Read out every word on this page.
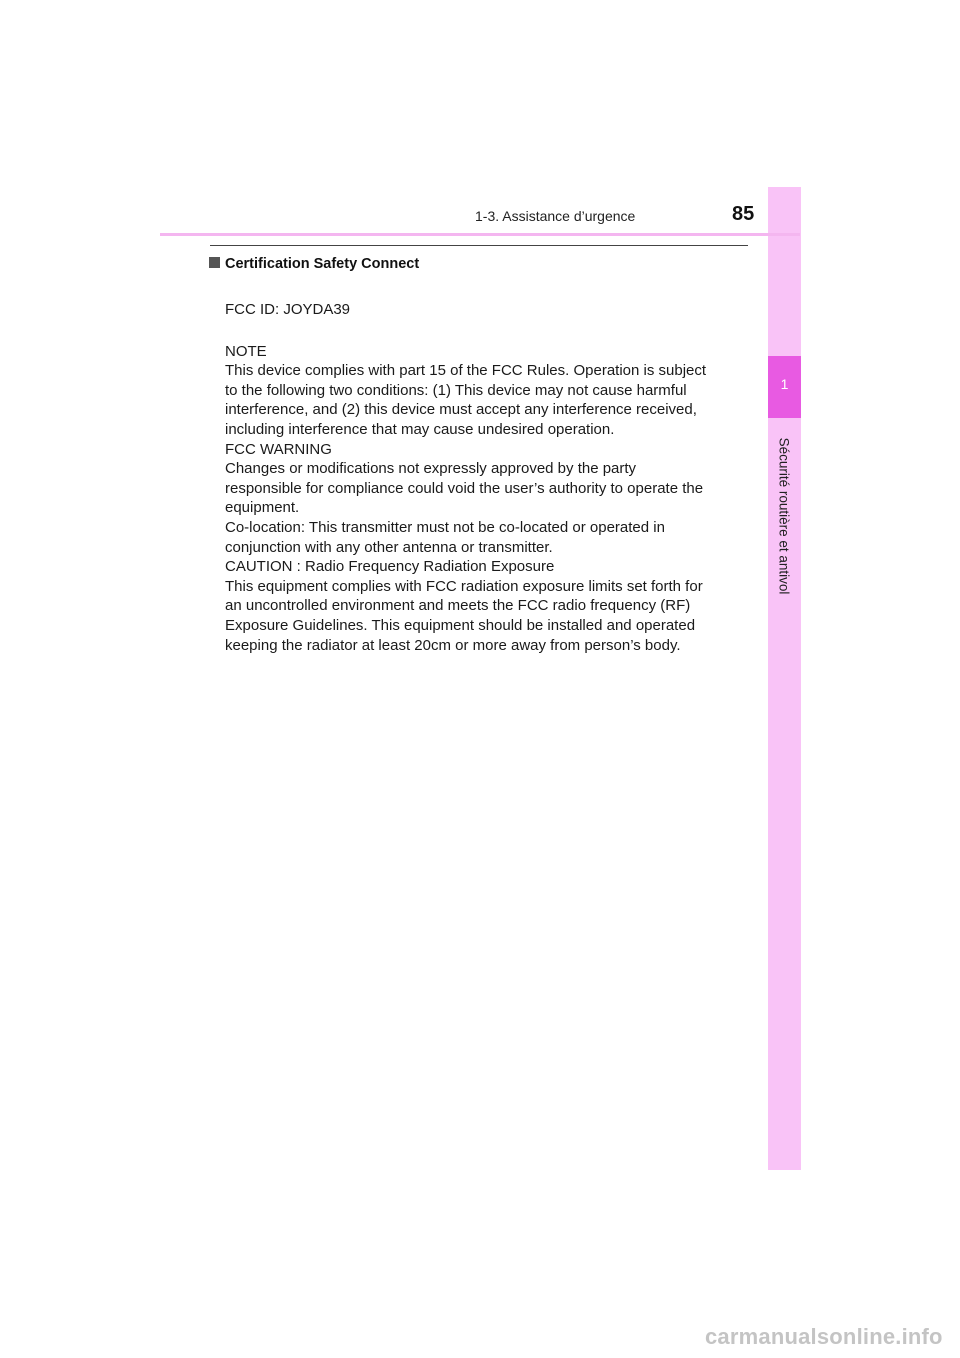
1
Sécurité routière et antivol
1-3. Assistance d’urgence	85
Certification Safety Connect

FCC ID: JOYDA39

NOTE

This device complies with part 15 of the FCC Rules. Operation is subject

to the following two conditions: (1) This device may not cause harmful

interference, and (2) this device must accept any interference received,

including interference that may cause undesired operation.

FCC WARNING

Changes or modifications not expressly approved by the party

responsible for compliance could void the user’s authority to operate the

equipment.

Co-location: This transmitter must not be co-located or operated in

conjunction with any other antenna or transmitter.

CAUTION : Radio Frequency Radiation Exposure

This equipment complies with FCC radiation exposure limits set forth for

an uncontrolled environment and meets the FCC radio frequency (RF)

Exposure Guidelines. This equipment should be installed and operated

keeping the radiator at least 20cm or more away from person’s body.

carmanualsonline.info
